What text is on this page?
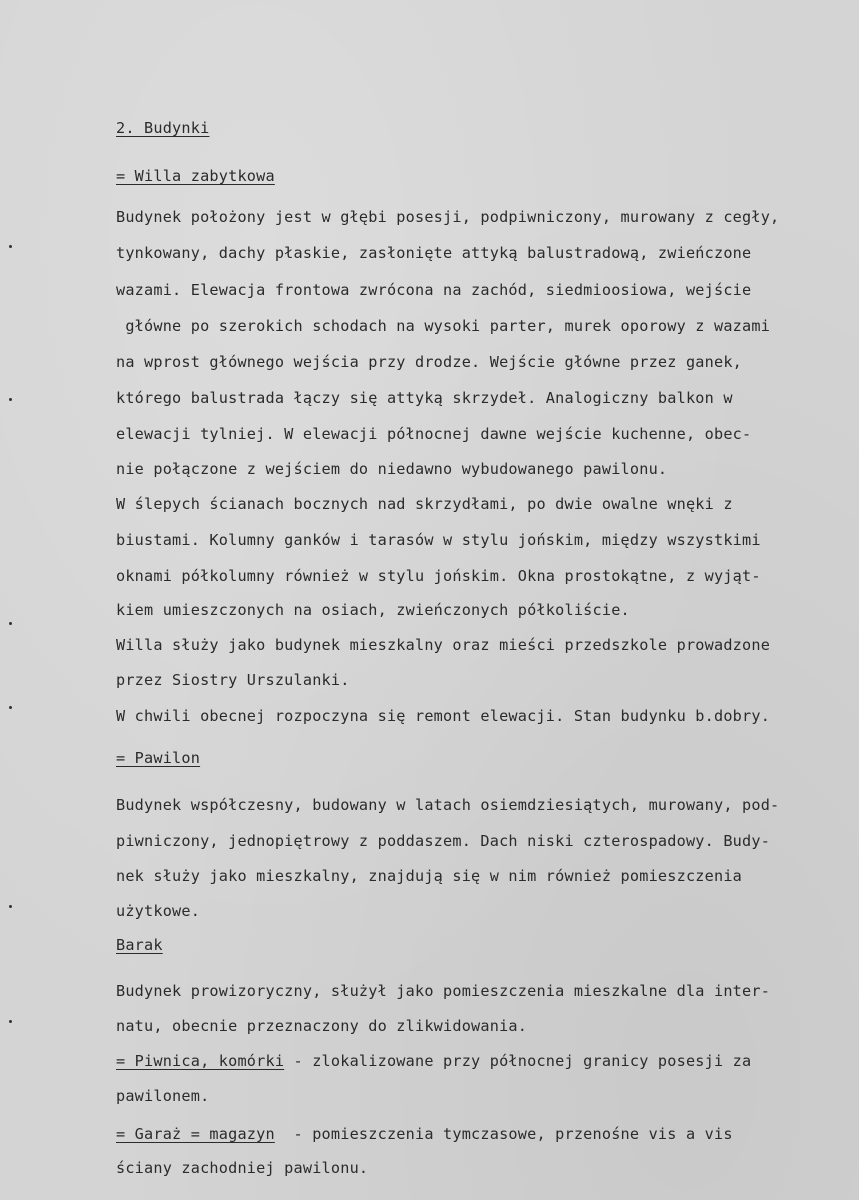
2. Budynki
= Willa zabytkowa
Budynek położony jest w głębi posesji, podpiwniczony, murowany z cegły,
tynkowany, dachy płaskie, zasłonięte attyką balustradową, zwieńczone
wazami. Elewacja frontowa zwrócona na zachód, siedmioosiowa, wejście
główne po szerokich schodach na wysoki parter, murek oporowy z wazami
na wprost głównego wejścia przy drodze. Wejście główne przez ganek,
którego balustrada łączy się attyką skrzydeł. Analogiczny balkon w
elewacji tylniej. W elewacji północnej dawne wejście kuchenne, obec-
nie połączone z wejściem do niedawno wybudowanego pawilonu.
W ślepych ścianach bocznych nad skrzydłami, po dwie owalne wnęki z
biustami. Kolumny ganków i tarasów w stylu jońskim, między wszystkimi
oknami półkolumny również w stylu jońskim. Okna prostokątne, z wyjąt-
kiem umieszczonych na osiach, zwieńczonych półkoliście.
Willa służy jako budynek mieszkalny oraz mieści przedszkole prowadzone
przez Siostry Urszulanki.
W chwili obecnej rozpoczyna się remont elewacji. Stan budynku b.dobry.
= Pawilon
Budynek współczesny, budowany w latach osiemdziesiątych, murowany, pod-
piwniczony, jednopiętrowy z poddaszem. Dach niski czterospadowy. Budy-
nek służy jako mieszkalny, znajdują się w nim również pomieszczenia
użytkowe.
Barak
Budynek prowizoryczny, służył jako pomieszczenia mieszkalne dla inter-
natu, obecnie przeznaczony do zlikwidowania.
= Piwnica, komórki - zlokalizowane przy północnej granicy posesji za
pawilonem.
= Garaż = magazyn  - pomieszczenia tymczasowe, przenośne vis a vis
ściany zachodniej pawilonu.
